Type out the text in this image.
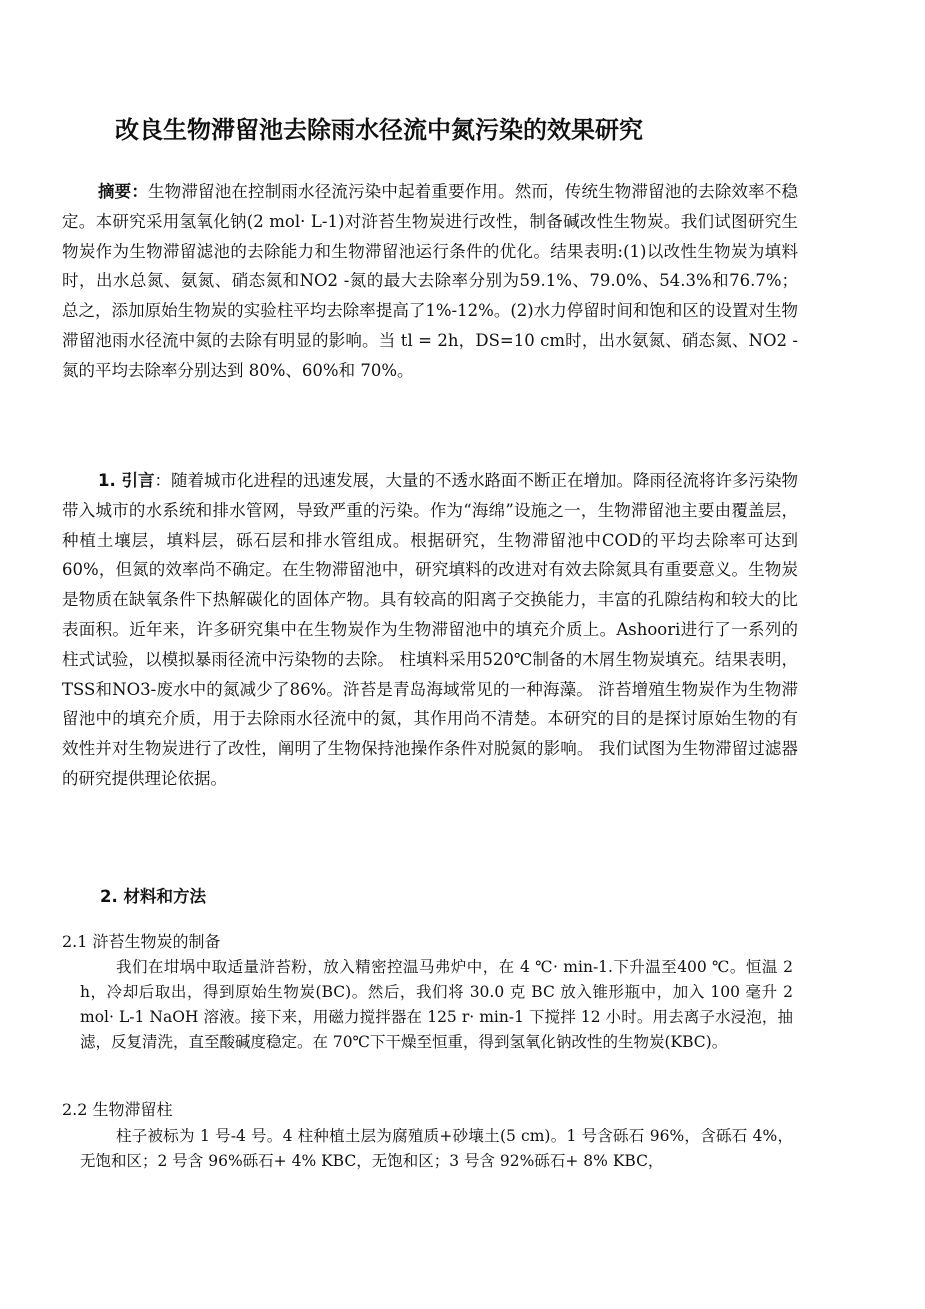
改良生物滞留池去除雨水径流中氮污染的效果研究
摘要：生物滞留池在控制雨水径流污染中起着重要作用。然而，传统生物滞留池的去除效率不稳定。本研究采用氢氧化钠(2 mol· L-1)对浒苔生物炭进行改性，制备碱改性生物炭。我们试图研究生物炭作为生物滞留滤池的去除能力和生物滞留池运行条件的优化。结果表明:(1)以改性生物炭为填料时，出水总氮、氨氮、硝态氮和NO2 -氮的最大去除率分别为59.1%、79.0%、54.3%和76.7%；总之，添加原始生物炭的实验柱平均去除率提高了1%-12%。(2)水力停留时间和饱和区的设置对生物滞留池雨水径流中氮的去除有明显的影响。当 tl = 2h，DS=10 cm时，出水氨氮、硝态氮、NO2 -氮的平均去除率分别达到 80%、60%和 70%。
1. 引言：随着城市化进程的迅速发展，大量的不透水路面不断正在增加。降雨径流将许多污染物带入城市的水系统和排水管网，导致严重的污染。作为“海绵”设施之一，生物滞留池主要由覆盖层，种植土壤层，填料层，砾石层和排水管组成。根据研究，生物滞留池中COD的平均去除率可达到60%，但氮的效率尚不确定。在生物滞留池中，研究填料的改进对有效去除氮具有重要意义。生物炭是物质在缺氧条件下热解碳化的固体产物。具有较高的阳离子交换能力，丰富的孔隙结构和较大的比表面积。近年来，许多研究集中在生物炭作为生物滞留池中的填充介质上。Ashoori进行了一系列的柱式试验，以模拟暴雨径流中污染物的去除。 柱填料采用520℃制备的木屑生物炭填充。结果表明，TSS和NO3-废水中的氮减少了86%。浒苔是青岛海域常见的一种海藻。 浒苔增殖生物炭作为生物滞留池中的填充介质，用于去除雨水径流中的氮，其作用尚不清楚。本研究的目的是探讨原始生物的有效性并对生物炭进行了改性，阐明了生物保持池操作条件对脱氮的影响。 我们试图为生物滞留过滤器的研究提供理论依据。
2. 材料和方法
2.1 浒苔生物炭的制备
我们在坩埚中取适量浒苔粉，放入精密控温马弗炉中，在 4 ℃· min-1.下升温至400 ℃。恒温 2 h，冷却后取出，得到原始生物炭(BC)。然后，我们将 30.0 克 BC 放入锥形瓶中，加入 100 毫升 2 mol· L-1 NaOH 溶液。接下来，用磁力搅拌器在 125 r· min-1 下搅拌 12 小时。用去离子水浸泡，抽滤，反复清洗，直至酸碱度稳定。在 70℃下干燥至恒重，得到氢氧化钠改性的生物炭(KBC)。
2.2 生物滞留柱
柱子被标为 1 号-4 号。4 柱种植土层为腐殖质+砂壤土(5 cm)。1 号含砾石 96%，含砾石 4%，无饱和区；2 号含 96%砾石+ 4% KBC，无饱和区；3 号含 92%砾石+ 8% KBC，
